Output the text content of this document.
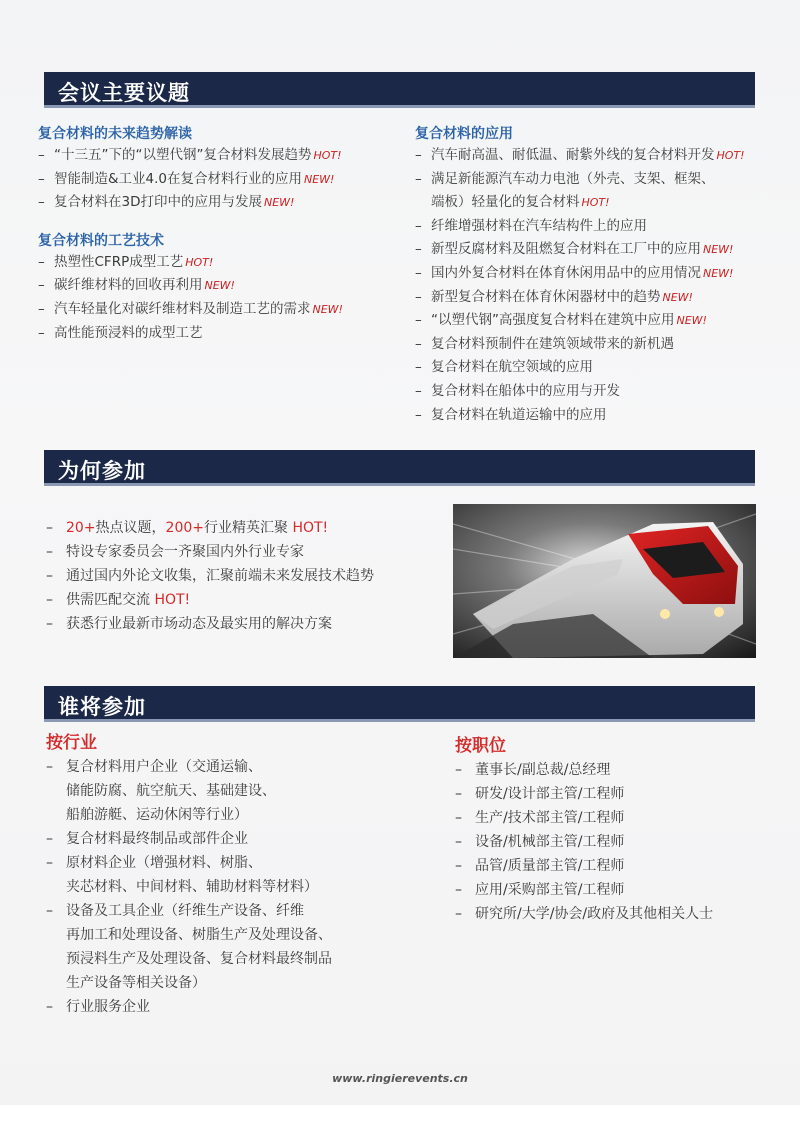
会议主要议题
复合材料的未来趋势解读
– “十三五”下的“以塑代钢”复合材料发展趋势 HOT!
– 智能制造&工业4.0在复合材料行业的应用 NEW!
– 复合材料在3D打印中的应用与发展 NEW!
复合材料的工艺技术
– 热塑性CFRP成型工艺 HOT!
– 碳纤维材料的回收再利用 NEW!
– 汽车轻量化对碳纤维材料及制造工艺的需求 NEW!
– 高性能预浸料的成型工艺
复合材料的应用
– 汽车耐高温、耐低温、耐紫外线的复合材料开发 HOT!
– 满足新能源汽车动力电池（外壳、支架、框架、
端板）轻量化的复合材料 HOT!
– 纤维增强材料在汽车结构件上的应用
– 新型反腐材料及阻燃复合材料在工厂中的应用 NEW!
– 国内外复合材料在体育休闲用品中的应用情况 NEW!
– 新型复合材料在体育休闲器材中的趋势 NEW!
– “以塑代钢”高强度复合材料在建筑中应用 NEW!
– 复合材料预制件在建筑领域带来的新机遇
– 复合材料在航空领域的应用
– 复合材料在船体中的应用与开发
– 复合材料在轨道运输中的应用
为何参加
– 20+热点议题，200+行业精英汇聚 HOT!
– 特设专家委员会一齐聚国内外行业专家
– 通过国内外论文收集，汇聚前端未来发展技术趋势
– 供需匹配交流 HOT!
– 获悉行业最新市场动态及最实用的解决方案
谁将参加
按行业
– 复合材料用户企业（交通运输、
储能防腐、航空航天、基础建设、
船舶游艇、运动休闲等行业）
– 复合材料最终制品或部件企业
– 原材料企业（增强材料、树脂、
夹芯材料、中间材料、辅助材料等材料）
– 设备及工具企业（纤维生产设备、纤维
再加工和处理设备、树脂生产及处理设备、
预浸料生产及处理设备、复合材料最终制品
生产设备等相关设备）
– 行业服务企业
按职位
– 董事长/副总裁/总经理
– 研发/设计部主管/工程师
– 生产/技术部主管/工程师
– 设备/机械部主管/工程师
– 品管/质量部主管/工程师
– 应用/采购部主管/工程师
– 研究所/大学/协会/政府及其他相关人士
www.ringierevents.cn
